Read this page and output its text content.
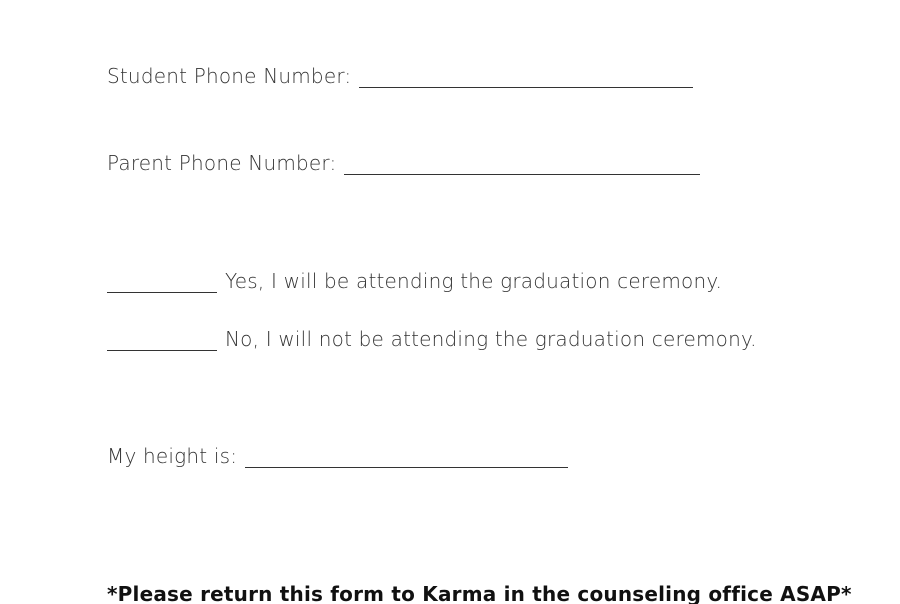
Student Phone Number:
Parent Phone Number:
Yes, I will be attending the graduation ceremony.
No, I will not be attending the graduation ceremony.
My height is:
*Please return this form to Karma in the counseling office ASAP*
